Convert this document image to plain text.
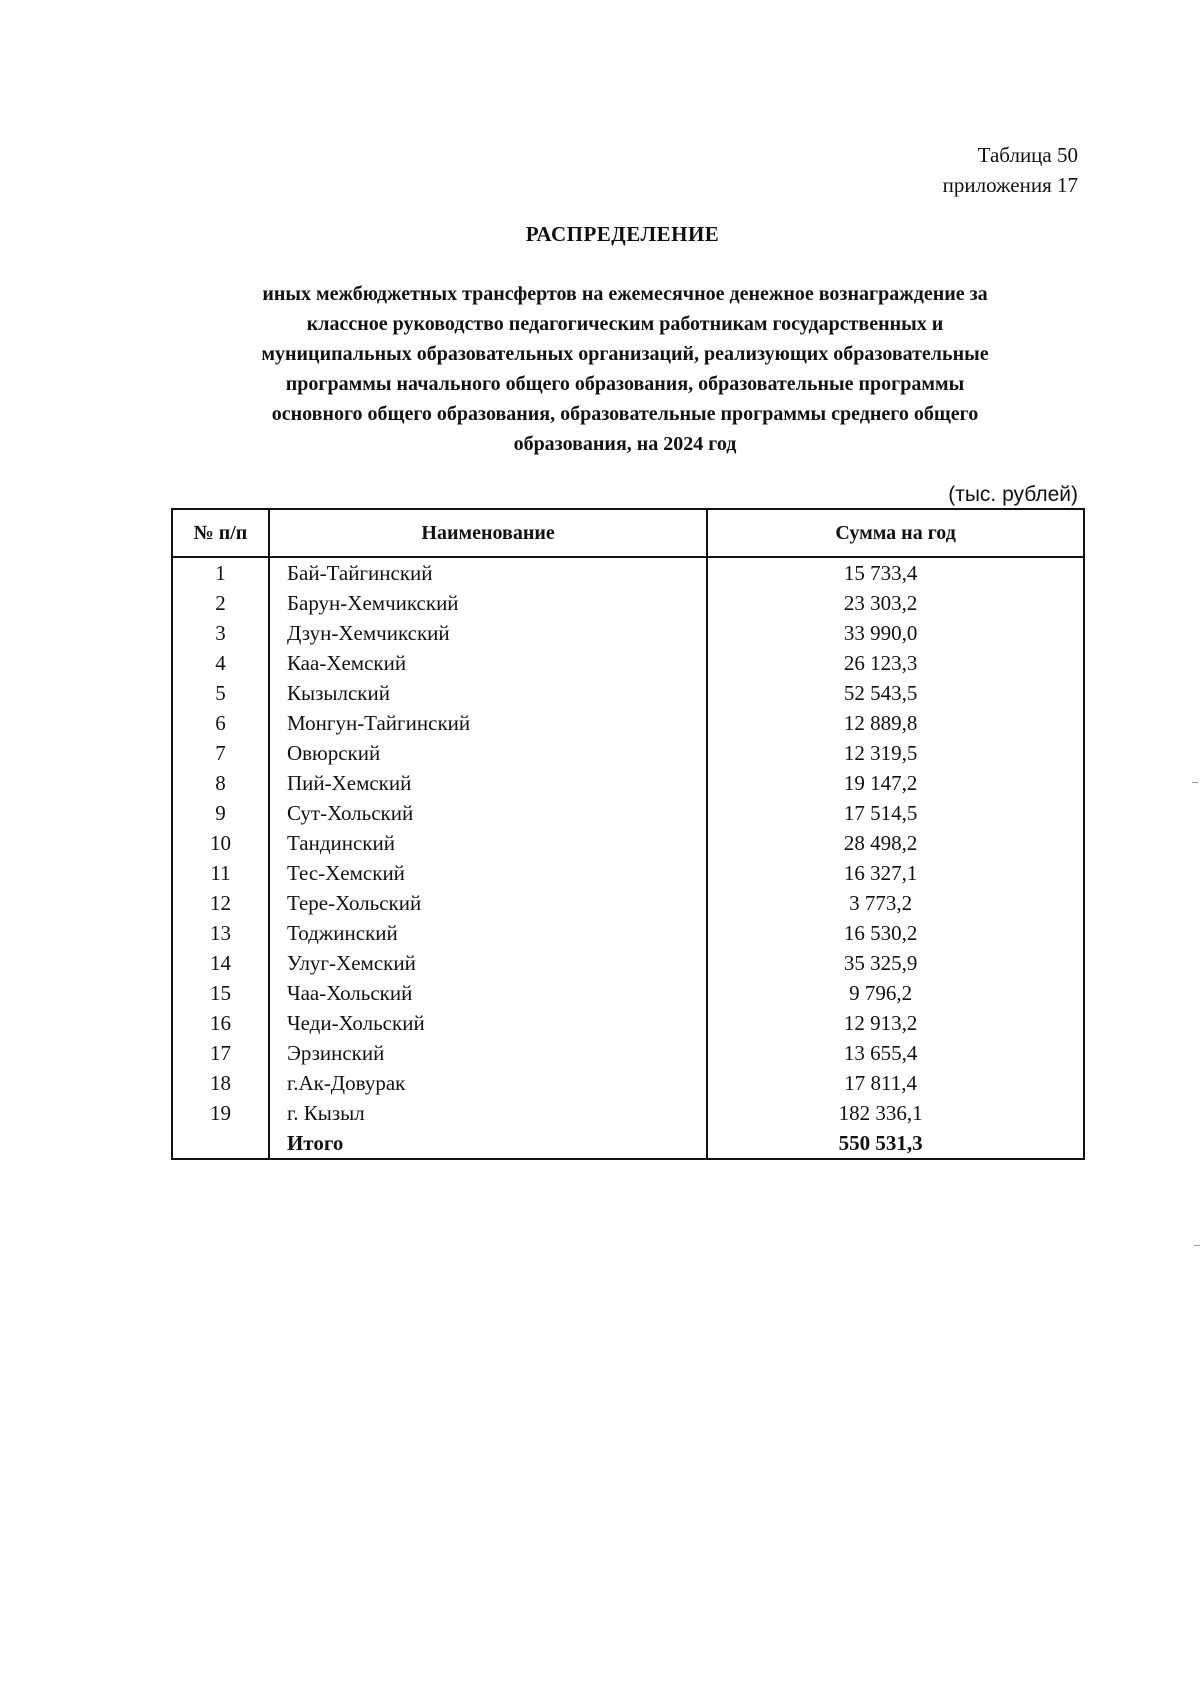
Таблица 50
приложения 17
РАСПРЕДЕЛЕНИЕ
иных межбюджетных трансфертов на ежемесячное денежное вознаграждение за
классное руководство педагогическим работникам государственных и
муниципальных образовательных организаций, реализующих образовательные
программы начального общего образования, образовательные программы
основного общего образования, образовательные программы среднего общего
образования, на 2024 год
(тыс. рублей)
№ п/п	Наименование	Сумма на год
1	Бай-Тайгинский	15 733,4
2	Барун-Хемчикский	23 303,2
3	Дзун-Хемчикский	33 990,0
4	Каа-Хемский	26 123,3
5	Кызылский	52 543,5
6	Монгун-Тайгинский	12 889,8
7	Овюрский	12 319,5
8	Пий-Хемский	19 147,2
9	Сут-Хольский	17 514,5
10	Тандинский	28 498,2
11	Тес-Хемский	16 327,1
12	Тере-Хольский	3 773,2
13	Тоджинский	16 530,2
14	Улуг-Хемский	35 325,9
15	Чаа-Хольский	9 796,2
16	Чеди-Хольский	12 913,2
17	Эрзинский	13 655,4
18	г.Ак-Довурак	17 811,4
19	г. Кызыл	182 336,1
	Итого	550 531,3
